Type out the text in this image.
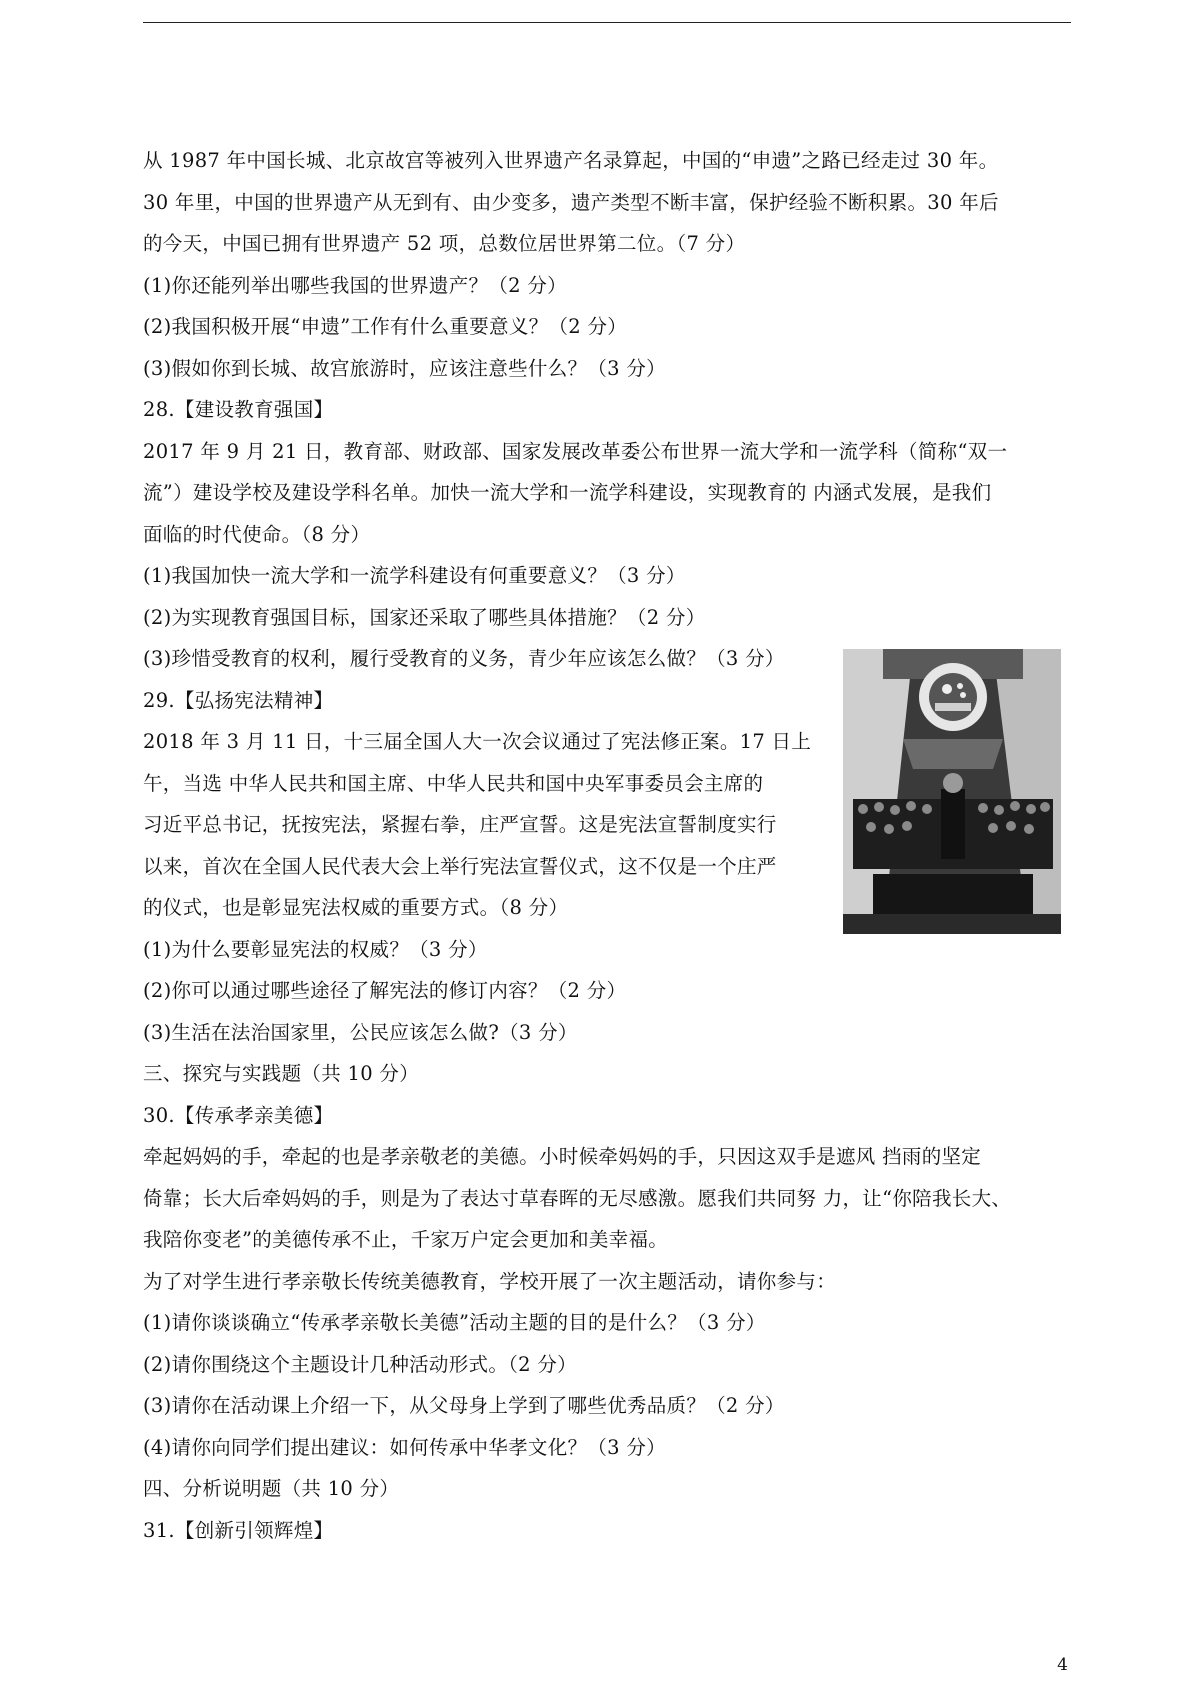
从 1987 年中国长城、北京故宫等被列入世界遗产名录算起，中国的“申遗”之路已经走过 30 年。
30 年里，中国的世界遗产从无到有、由少变多，遗产类型不断丰富，保护经验不断积累。30 年后
的今天，中国已拥有世界遗产 52 项，总数位居世界第二位。（7 分）
(1)你还能列举出哪些我国的世界遗产？（2 分）
(2)我国积极开展“申遗”工作有什么重要意义？（2 分）
(3)假如你到长城、故宫旅游时，应该注意些什么？（3 分）
28.【建设教育强国】
2017 年 9 月 21 日，教育部、财政部、国家发展改革委公布世界一流大学和一流学科（简称“双一
流”）建设学校及建设学科名单。加快一流大学和一流学科建设，实现教育的 内涵式发展，是我们
面临的时代使命。（8 分）
(1)我国加快一流大学和一流学科建设有何重要意义？（3 分）
(2)为实现教育强国目标，国家还采取了哪些具体措施？（2 分）
(3)珍惜受教育的权利，履行受教育的义务，青少年应该怎么做？（3 分）
29.【弘扬宪法精神】
2018 年 3 月 11 日，十三届全国人大一次会议通过了宪法修正案。17 日上
午，当选 中华人民共和国主席、中华人民共和国中央军事委员会主席的
习近平总书记，抚按宪法，紧握右拳，庄严宣誓。这是宪法宣誓制度实行
以来，首次在全国人民代表大会上举行宪法宣誓仪式，这不仅是一个庄严
的仪式，也是彰显宪法权威的重要方式。（8 分）
(1)为什么要彰显宪法的权威？（3 分）
(2)你可以通过哪些途径了解宪法的修订内容？（2 分）
(3)生活在法治国家里，公民应该怎么做?（3 分）
三、探究与实践题（共 10 分）
30.【传承孝亲美德】
牵起妈妈的手，牵起的也是孝亲敬老的美德。小时候牵妈妈的手，只因这双手是遮风 挡雨的坚定
倚靠；长大后牵妈妈的手，则是为了表达寸草春晖的无尽感激。愿我们共同努 力，让“你陪我长大、
我陪你变老”的美德传承不止，千家万户定会更加和美幸福。
为了对学生进行孝亲敬长传统美德教育，学校开展了一次主题活动，请你参与：
(1)请你谈谈确立“传承孝亲敬长美德”活动主题的目的是什么？（3 分）
(2)请你围绕这个主题设计几种活动形式。（2 分）
(3)请你在活动课上介绍一下，从父母身上学到了哪些优秀品质？（2 分）
(4)请你向同学们提出建议：如何传承中华孝文化？（3 分）
四、分析说明题（共 10 分）
31.【创新引领辉煌】
4
